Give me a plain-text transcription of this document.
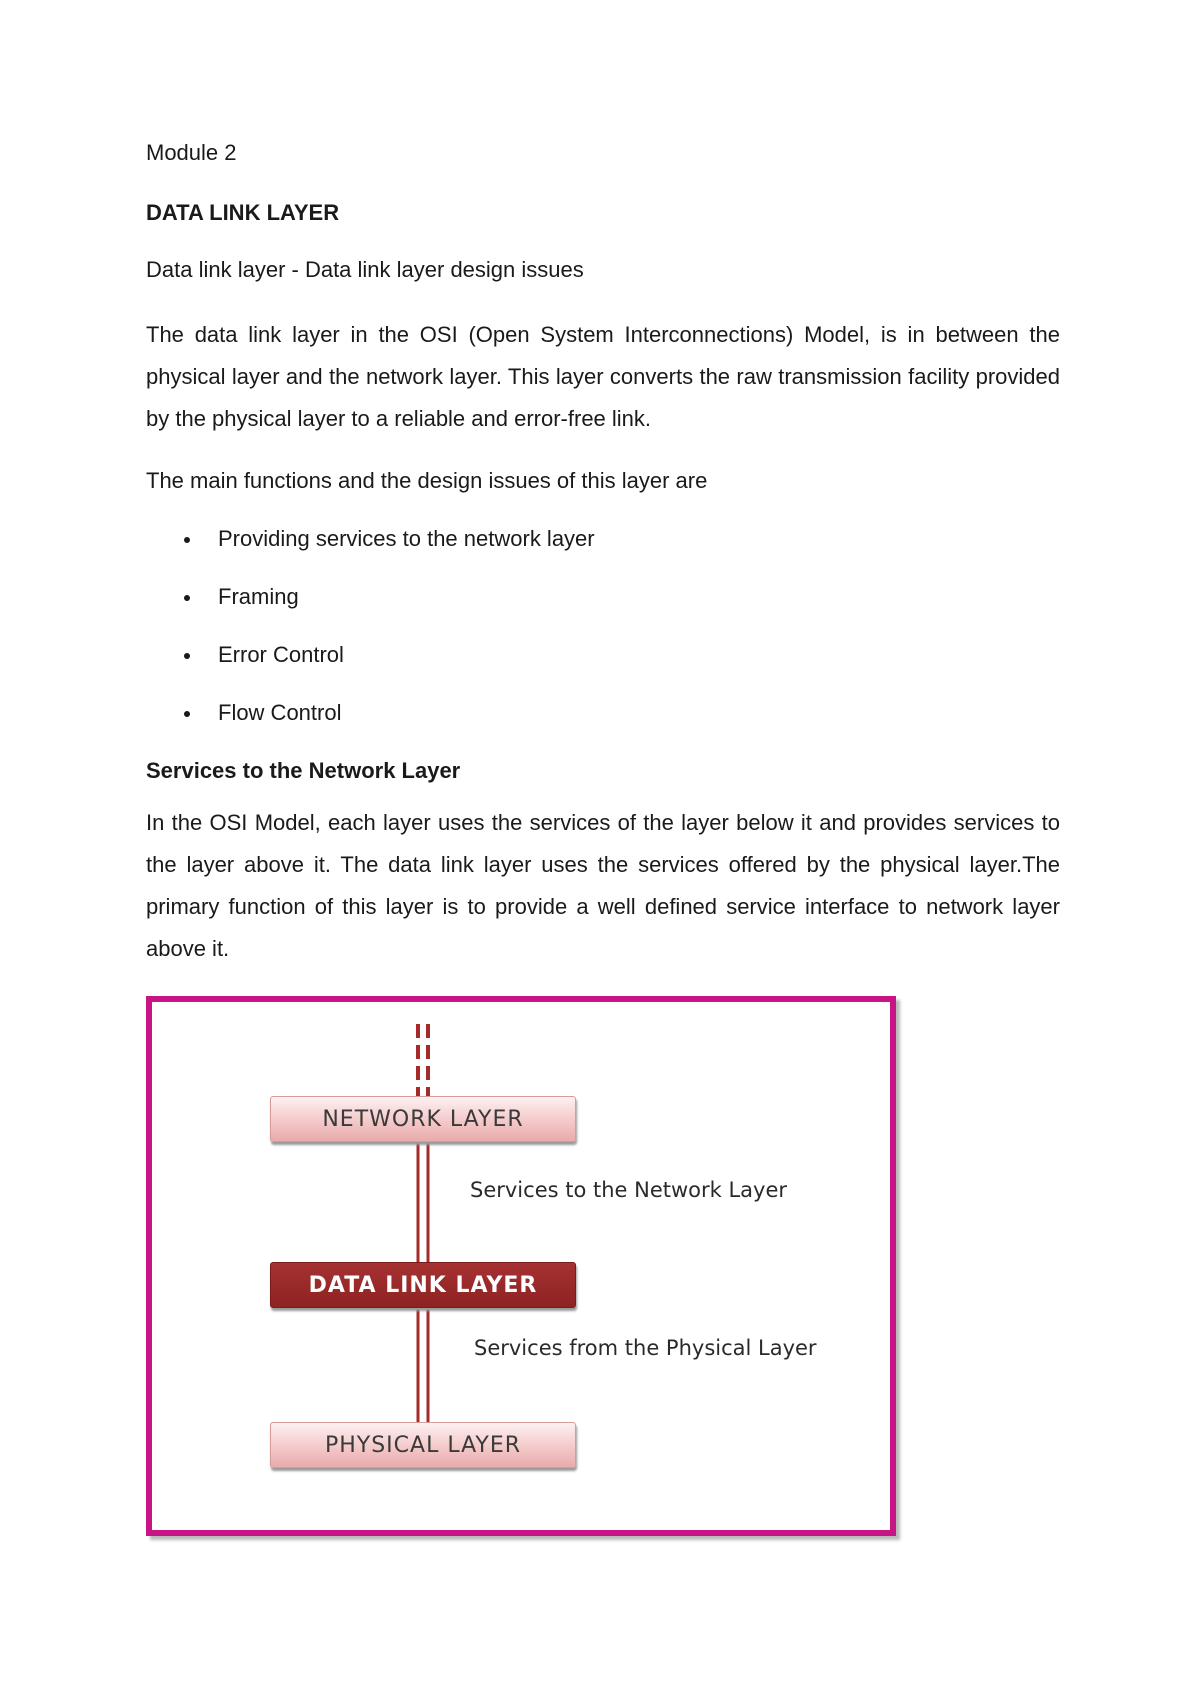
Module 2

DATA LINK LAYER

Data link layer - Data link layer design issues

The data link layer in the OSI (Open System Interconnections) Model, is in between the physical layer and the network layer. This layer converts the raw transmission facility provided by the physical layer to a reliable and error-free link.

The main functions and the design issues of this layer are

Providing services to the network layer
Framing
Error Control
Flow Control

Services to the Network Layer

In the OSI Model, each layer uses the services of the layer below it and provides services to the layer above it. The data link layer uses the services offered by the physical layer.The primary function of this layer is to provide a well defined service interface to network layer above it.

NETWORK LAYER
Services to the Network Layer
DATA LINK LAYER
Services from the Physical Layer
PHYSICAL LAYER
